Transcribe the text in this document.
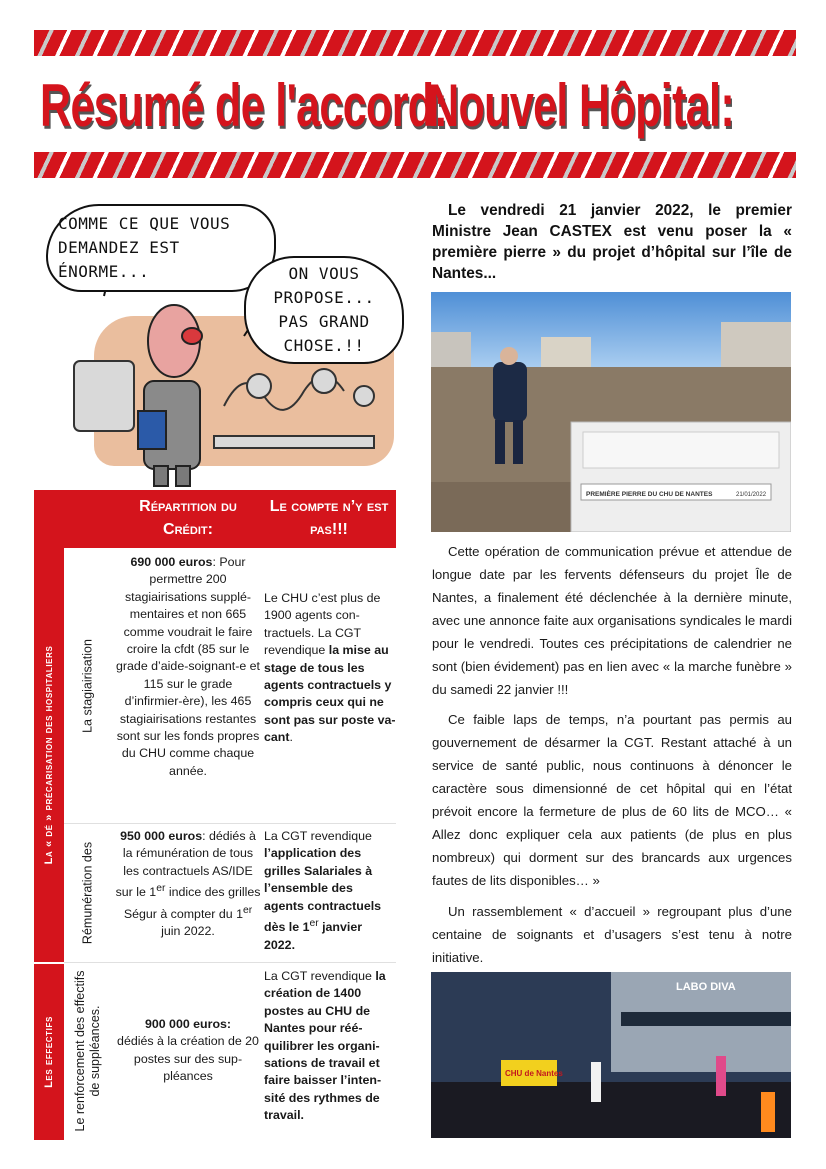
Résumé de l'accord:
Nouvel Hôpital:
COMME CE QUE VOUS DEMANDEZ EST ÉNORME...	ON VOUS PROPOSE... PAS GRAND CHOSE.!!
Répartition du Crédit:
Le compte n’y est pas!!!
La « dé » précarisation des hospitaliers
Les effectifs
La stagiairisation
Rémunération des
Le renforcement des effectifs de suppléances.
690 000 euros: Pour permettre 200 stagiairisations supplémentaires et non 665 comme voudrait le faire croire la cfdt (85 sur le grade d’aide-soignant-e et 115 sur le grade d’infirmier-ère), les 465 stagiairisations restantes sont sur les fonds propres du CHU comme chaque année.
Le CHU c’est plus de 1900 agents contractuels. La CGT revendique la mise au stage de tous les agents contractuels y compris ceux qui ne sont pas sur poste vacant.
950 000 euros: dédiés à la rémunération de tous les contractuels AS/IDE sur le 1er indice des grilles Ségur à compter du 1er juin 2022.
La CGT revendique l’application des grilles Salariales à l’ensemble des agents contractuels dès le 1er janvier 2022.
900 000 euros:
dédiés à la création de 20 postes sur des suppléances
La CGT revendique la création de 1400 postes au CHU de Nantes pour rééquilibrer les organisations de travail et faire baisser l’intensité des rythmes de travail.
Le vendredi 21 janvier 2022, le premier Ministre Jean CASTEX est venu poser la « première pierre » du projet d’hôpital sur l’île de Nantes...
PREMIÈRE PIERRE DU CHU DE NANTES	21/01/2022
Cette opération de communication prévue et attendue de longue date par les fervents défenseurs du projet Île de Nantes, a finalement été déclenchée à la dernière minute, avec une annonce faite aux organisations syndicales le mardi pour le vendredi. Toutes ces précipitations de calendrier ne sont (bien évidement) pas en lien avec « la marche funèbre » du samedi 22 janvier !!!
Ce faible laps de temps, n’a pourtant pas permis au gouvernement de désarmer la CGT. Restant attaché à un service de santé public, nous continuons à dénoncer le caractère sous dimensionné de cet hôpital qui en l’état prévoit encore la fermeture de plus de 60 lits de MCO… « Allez donc expliquer cela aux patients (de plus en plus nombreux) qui dorment sur des brancards aux urgences fautes de lits disponibles… »
Un rassemblement « d’accueil » regroupant plus d’une centaine de soignants et d’usagers s’est tenu à notre initiative.
LABO DIVA
CHU de Nantes
